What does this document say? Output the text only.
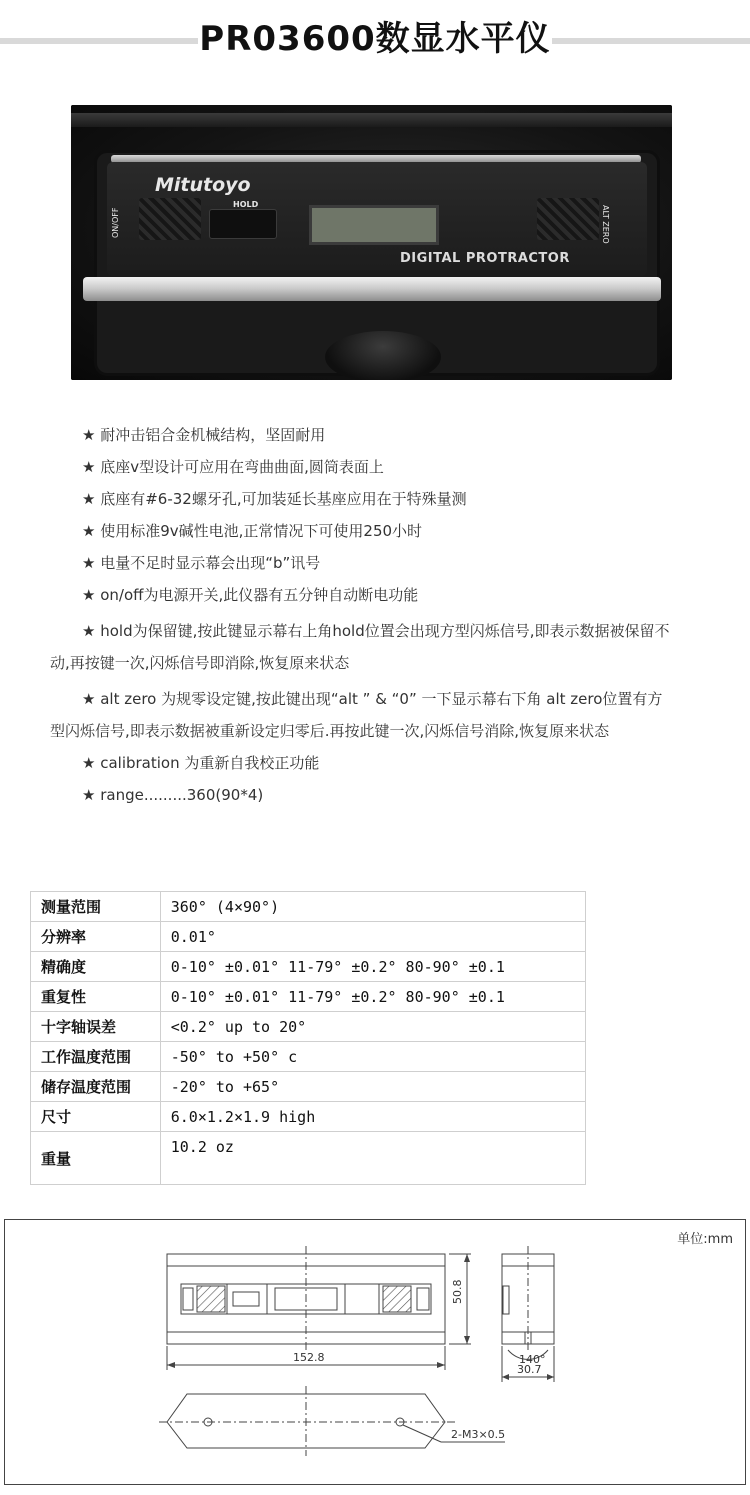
PR03600数显水平仪
Mitutoyo
ON/OFF
HOLD
ALT ZERO
DIGITAL PROTRACTOR

★ 耐冲击铝合金机械结构，坚固耐用

★ 底座v型设计可应用在弯曲曲面,圆筒表面上

★ 底座有#6-32螺牙孔,可加装延长基座应用在于特殊量测

★ 使用标准9v碱性电池,正常情况下可使用250小时

★ 电量不足时显示幕会出现“b”讯号

★ on/off为电源开关,此仪器有五分钟自动断电功能

★ hold为保留键,按此键显示幕右上角hold位置会出现方型闪烁信号,即表示数据被保留不动,再按键一次,闪烁信号即消除,恢复原来状态

★ alt zero 为规零设定键,按此键出现“alt ” & “0” 一下显示幕右下角 alt zero位置有方型闪烁信号,即表示数据被重新设定归零后.再按此键一次,闪烁信号消除,恢复原来状态

★ calibration 为重新自我校正功能

★ range.........360(90*4)

测量范围	360° (4×90°)
分辨率	0.01°
精确度	0-10° ±0.01° 11-79° ±0.2° 80-90° ±0.1
重复性	0-10° ±0.01° 11-79° ±0.2° 80-90° ±0.1
十字轴误差	<0.2° up to 20°
工作温度范围	-50° to +50° c
储存温度范围	-20° to +65°
尺寸	6.0×1.2×1.9 high
重量	10.2 oz
单位:mm
152.8
50.8
140°
30.7
2-M3×0.5
